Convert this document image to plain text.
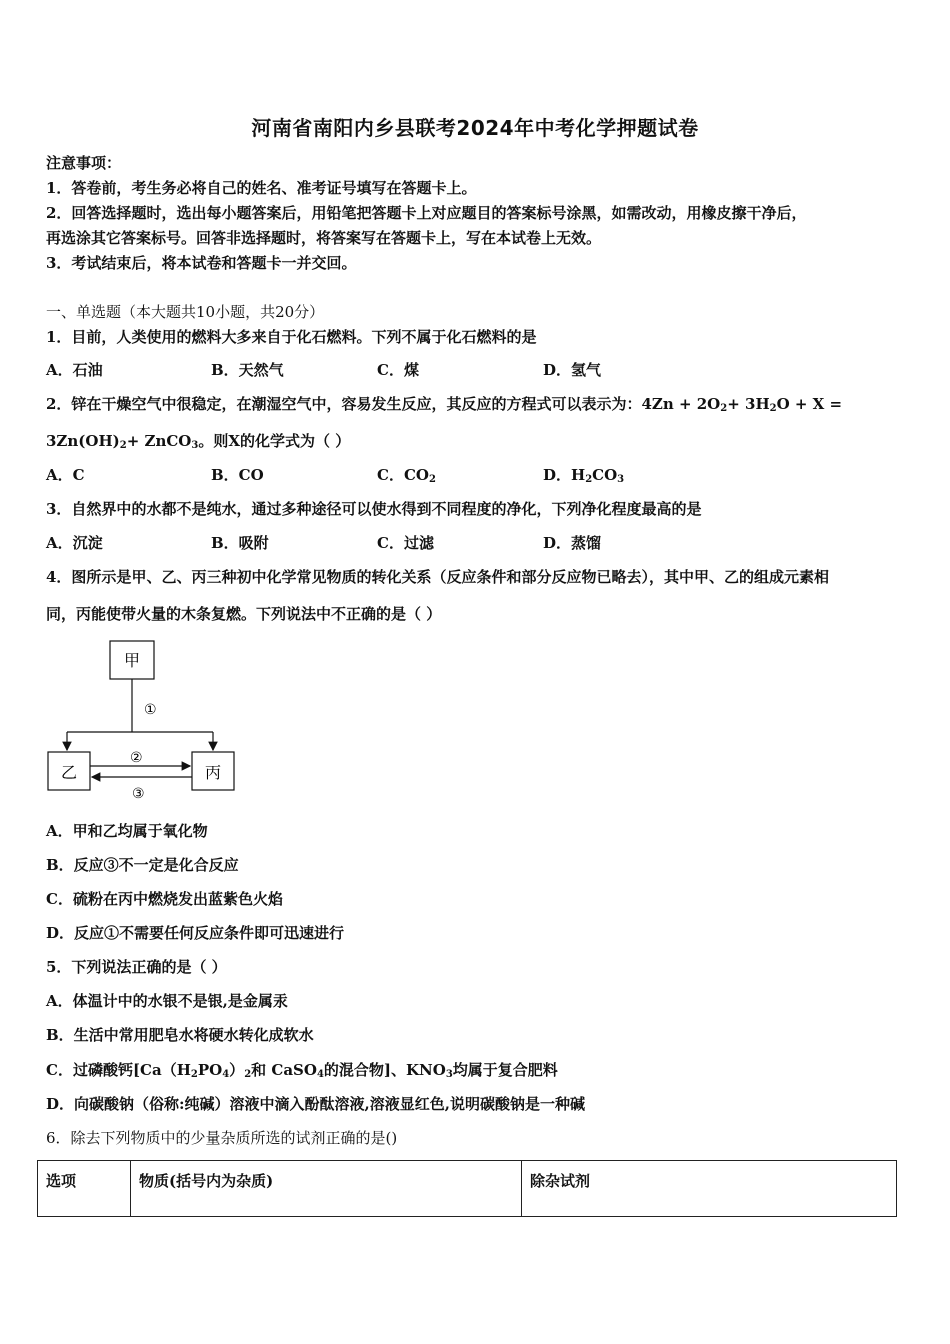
河南省南阳内乡县联考2024年中考化学押题试卷
注意事项：
1．答卷前，考生务必将自己的姓名、准考证号填写在答题卡上。
2．回答选择题时，选出每小题答案后，用铅笔把答题卡上对应题目的答案标号涂黑，如需改动，用橡皮擦干净后，
再选涂其它答案标号。回答非选择题时，将答案写在答题卡上，写在本试卷上无效。
3．考试结束后，将本试卷和答题卡一并交回。
一、单选题（本大题共10小题，共20分）
1．目前，人类使用的燃料大多来自于化石燃料。下列不属于化石燃料的是
A．石油	B．天然气	C．煤	D．氢气
2．锌在干燥空气中很稳定，在潮湿空气中，容易发生反应，其反应的方程式可以表示为：$4Zn + 2O_2+ 3H_2O + X$ =
$3Zn(OH)_2+$ ZnCO$_3$。则X的化学式为（ ）
A．C	B．CO	C．$CO_2$	D．$H_2CO_3$
3．自然界中的水都不是纯水，通过多种途径可以使水得到不同程度的净化，下列净化程度最高的是
A．沉淀	B．吸附	C．过滤	D．蒸馏
4．图所示是甲、乙、丙三种初中化学常见物质的转化关系（反应条件和部分反应物已略去），其中甲、乙的组成元素相
同，丙能使带火量的木条复燃。下列说法中不正确的是（ ）
甲
①
乙	丙
②
③
A．甲和乙均属于氧化物
B．反应③不一定是化合反应
C．硫粉在丙中燃烧发出蓝紫色火焰
D．反应①不需要任何反应条件即可迅速进行
5．下列说法正确的是（ ）
A．体温计中的水银不是银,是金属汞
B．生活中常用肥皂水将硬水转化成软水
C．过磷酸钙[$Ca(H_2PO_4)_2$和 CaSO$_4$的混合物]、$KNO_3$均属于复合肥料
D．向碳酸钠（俗称:纯碱）溶液中滴入酚酞溶液,溶液显红色,说明碳酸钠是一种碱
6．除去下列物质中的少量杂质所选的试剂正确的是()
选项	物质(括号内为杂质)	除杂试剂
